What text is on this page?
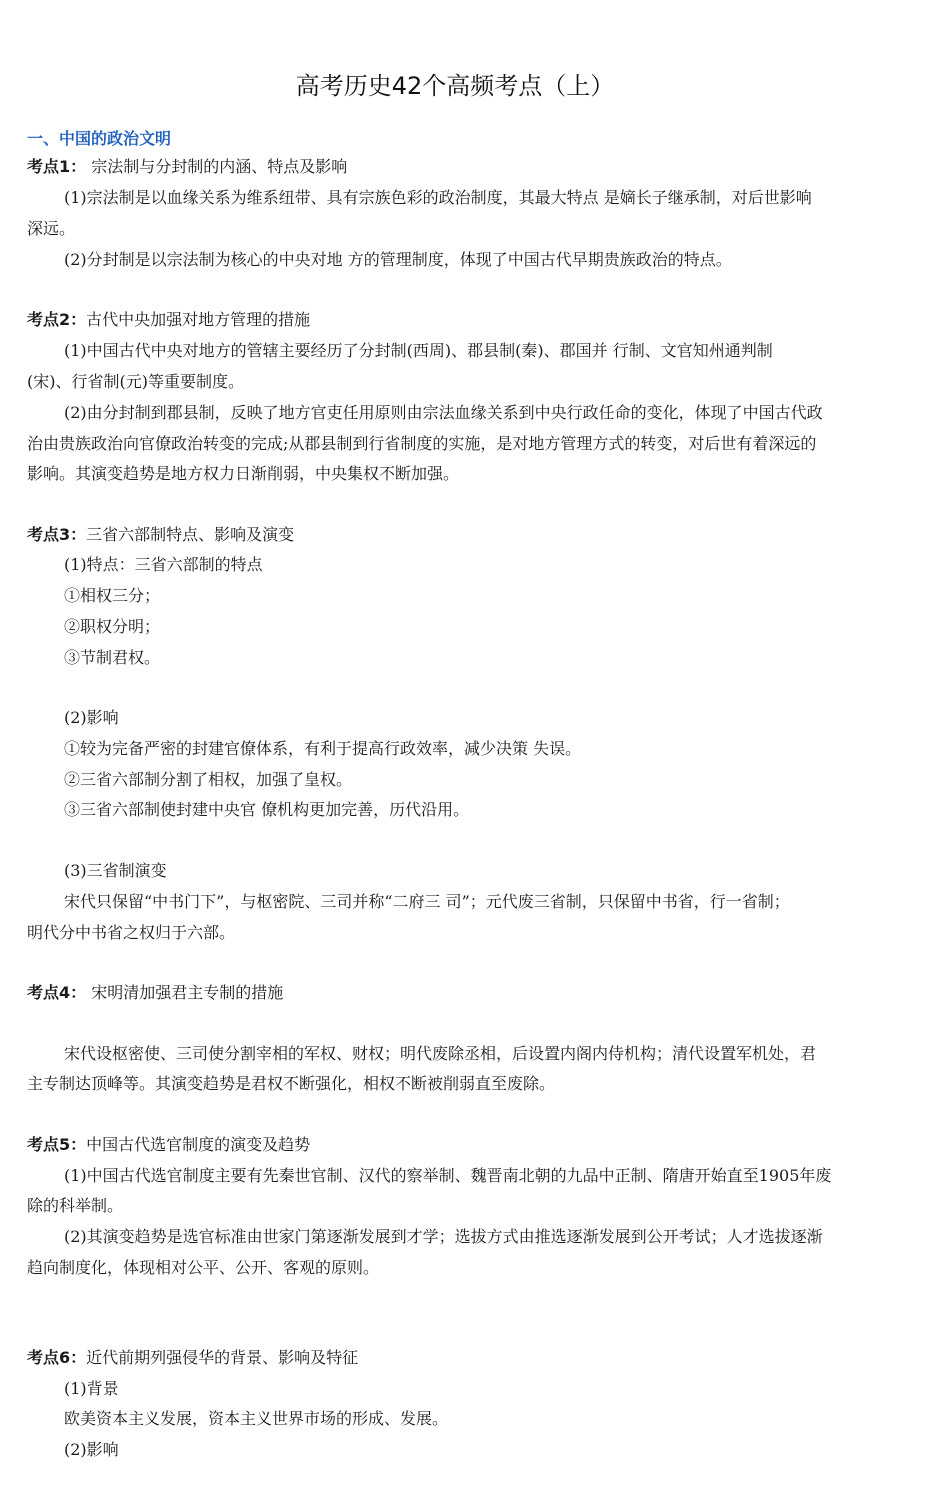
高考历史42个高频考点（上）
一、中国的政治文明
考点1： 宗法制与分封制的内涵、特点及影响
(1)宗法制是以血缘关系为维系纽带、具有宗族色彩的政治制度，其最大特点 是嫡长子继承制，对后世影响
深远。
(2)分封制是以宗法制为核心的中央对地 方的管理制度，体现了中国古代早期贵族政治的特点。
考点2：古代中央加强对地方管理的措施
(1)中国古代中央对地方的管辖主要经历了分封制(西周)、郡县制(秦)、郡国并 行制、文官知州通判制
(宋)、行省制(元)等重要制度。
(2)由分封制到郡县制，反映了地方官吏任用原则由宗法血缘关系到中央行政任命的变化，体现了中国古代政
治由贵族政治向官僚政治转变的完成;从郡县制到行省制度的实施，是对地方管理方式的转变，对后世有着深远的
影响。其演变趋势是地方权力日渐削弱，中央集权不断加强。
考点3：三省六部制特点、影响及演变
(1)特点：三省六部制的特点
①相权三分；
②职权分明；
③节制君权。
(2)影响
①较为完备严密的封建官僚体系，有利于提高行政效率，减少决策 失误。
②三省六部制分割了相权，加强了皇权。
③三省六部制使封建中央官 僚机构更加完善，历代沿用。
(3)三省制演变
宋代只保留“中书门下”，与枢密院、三司并称“二府三 司”；元代废三省制，只保留中书省，行一省制；
明代分中书省之权归于六部。
考点4： 宋明清加强君主专制的措施
宋代设枢密使、三司使分割宰相的军权、财权；明代废除丞相，后设置内阁内侍机构；清代设置军机处，君
主专制达顶峰等。其演变趋势是君权不断强化，相权不断被削弱直至废除。
考点5：中国古代选官制度的演变及趋势
(1)中国古代选官制度主要有先秦世官制、汉代的察举制、魏晋南北朝的九品中正制、隋唐开始直至1905年废
除的科举制。
(2)其演变趋势是选官标准由世家门第逐渐发展到才学；选拔方式由推选逐渐发展到公开考试；人才选拔逐渐
趋向制度化，体现相对公平、公开、客观的原则。
考点6：近代前期列强侵华的背景、影响及特征
(1)背景
欧美资本主义发展，资本主义世界市场的形成、发展。
(2)影响
